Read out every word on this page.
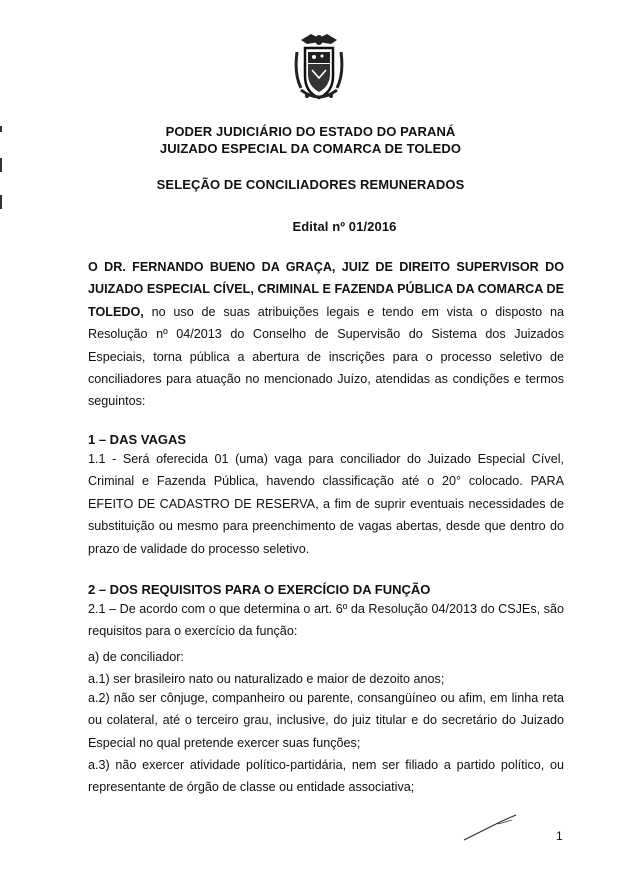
PODER JUDICIÁRIO DO ESTADO DO PARANÁ
JUIZADO ESPECIAL DA COMARCA DE TOLEDO
SELEÇÃO DE CONCILIADORES REMUNERADOS
Edital nº 01/2016

O DR. FERNANDO BUENO DA GRAÇA, JUIZ DE DIREITO SUPERVISOR DO JUIZADO ESPECIAL CÍVEL, CRIMINAL E FAZENDA PÚBLICA DA COMARCA DE TOLEDO, no uso de suas atribuições legais e tendo em vista o disposto na Resolução nº 04/2013 do Conselho de Supervisão do Sistema dos Juizados Especiais, torna pública a abertura de inscrições para o processo seletivo de conciliadores para atuação no mencionado Juízo, atendidas as condições e termos seguintos:

1 – DAS VAGAS

1.1 - Será oferecida 01 (uma) vaga para conciliador do Juizado Especial Cível, Criminal e Fazenda Pública, havendo classificação até o 20° colocado. PARA EFEITO DE CADASTRO DE RESERVA, a fim de suprir eventuais necessidades de substituição ou mesmo para preenchimento de vagas abertas, desde que dentro do prazo de validade do processo seletivo.

2 – DOS REQUISITOS PARA O EXERCÍCIO DA FUNÇÃO

2.1 – De acordo com o que determina o art. 6º da Resolução 04/2013 do CSJEs, são requisitos para o exercício da função:

a) de conciliador:

a.1) ser brasileiro nato ou naturalizado e maior de dezoito anos;

a.2) não ser cônjuge, companheiro ou parente, consangüíneo ou afim, em linha reta ou colateral, até o terceiro grau, inclusive, do juiz titular e do secretário do Juizado Especial no qual pretende exercer suas funções;

a.3) não exercer atividade político-partidária, nem ser filiado a partido político, ou representante de órgão de classe ou entidade associativa;

1
